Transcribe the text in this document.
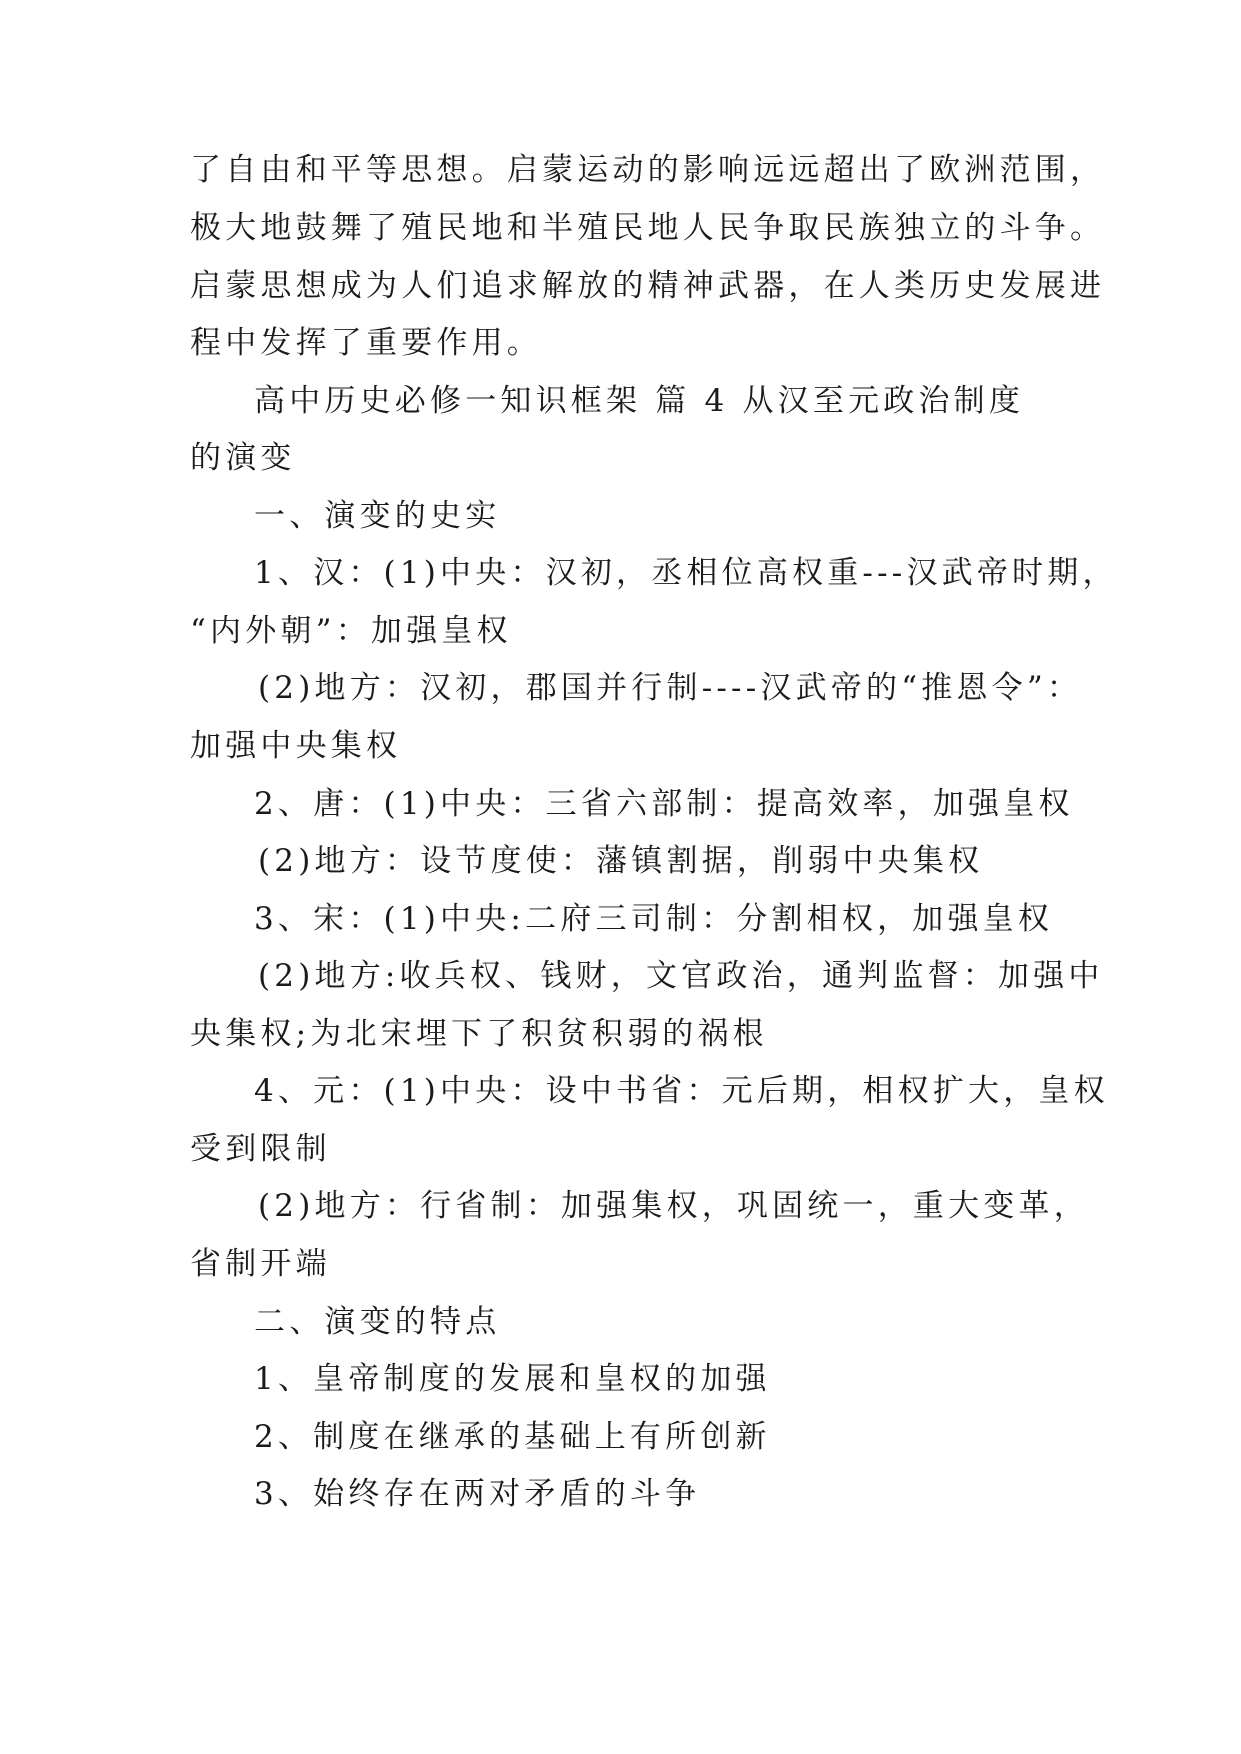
了自由和平等思想。启蒙运动的影响远远超出了欧洲范围，
极大地鼓舞了殖民地和半殖民地人民争取民族独立的斗争。
启蒙思想成为人们追求解放的精神武器，在人类历史发展进
程中发挥了重要作用。
高中历史必修一知识框架 篇 4 从汉至元政治制度
的演变
一、演变的史实
1、汉：(1)中央：汉初，丞相位高权重---汉武帝时期，
“内外朝”：加强皇权
(2)地方：汉初，郡国并行制----汉武帝的“推恩令”：
加强中央集权
2、唐：(1)中央：三省六部制：提高效率，加强皇权
(2)地方：设节度使：藩镇割据，削弱中央集权
3、宋：(1)中央:二府三司制：分割相权，加强皇权
(2)地方:收兵权、钱财，文官政治，通判监督：加强中
央集权;为北宋埋下了积贫积弱的祸根
4、元：(1)中央：设中书省：元后期，相权扩大，皇权
受到限制
(2)地方：行省制：加强集权，巩固统一，重大变革，
省制开端
二、演变的特点
1、皇帝制度的发展和皇权的加强
2、制度在继承的基础上有所创新
3、始终存在两对矛盾的斗争
